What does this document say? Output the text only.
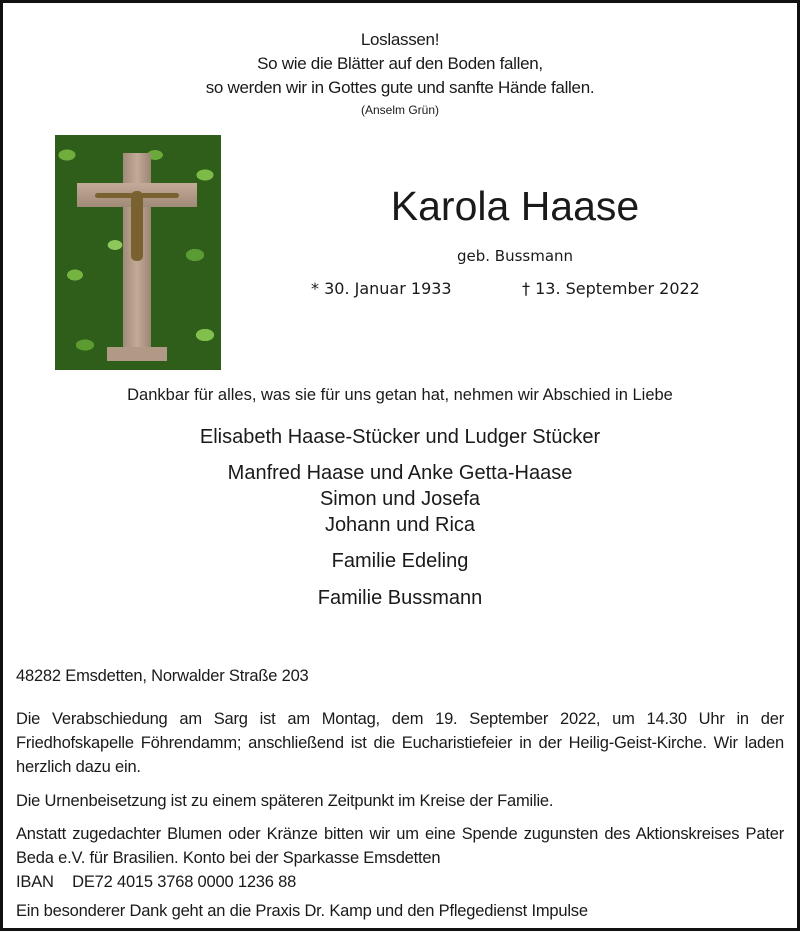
Loslassen!
So wie die Blätter auf den Boden fallen,
so werden wir in Gottes gute und sanfte Hände fallen.
(Anselm Grün)
Karola Haase
geb. Bussmann
* 30. Januar 1933	† 13. September 2022
Dankbar für alles, was sie für uns getan hat, nehmen wir Abschied in Liebe
Elisabeth Haase-Stücker und Ludger Stücker
Manfred Haase und Anke Getta-Haase
Simon und Josefa
Johann und Rica
Familie Edeling
Familie Bussmann
48282 Emsdetten, Norwalder Straße 203
Die Verabschiedung am Sarg ist am Montag, dem 19. September 2022, um 14.30 Uhr in der Friedhofskapelle Föhrendamm; anschließend ist die Eucharistiefeier in der Heilig-Geist-Kirche. Wir laden herzlich dazu ein.
Die Urnenbeisetzung ist zu einem späteren Zeitpunkt im Kreise der Familie.
Anstatt zugedachter Blumen oder Kränze bitten wir um eine Spende zugunsten des Aktionskreises Pater Beda e.V. für Brasilien. Konto bei der Sparkasse Emsdetten
IBAN DE72 4015 3768 0000 1236 88
Ein besonderer Dank geht an die Praxis Dr. Kamp und den Pflegedienst Impulse
